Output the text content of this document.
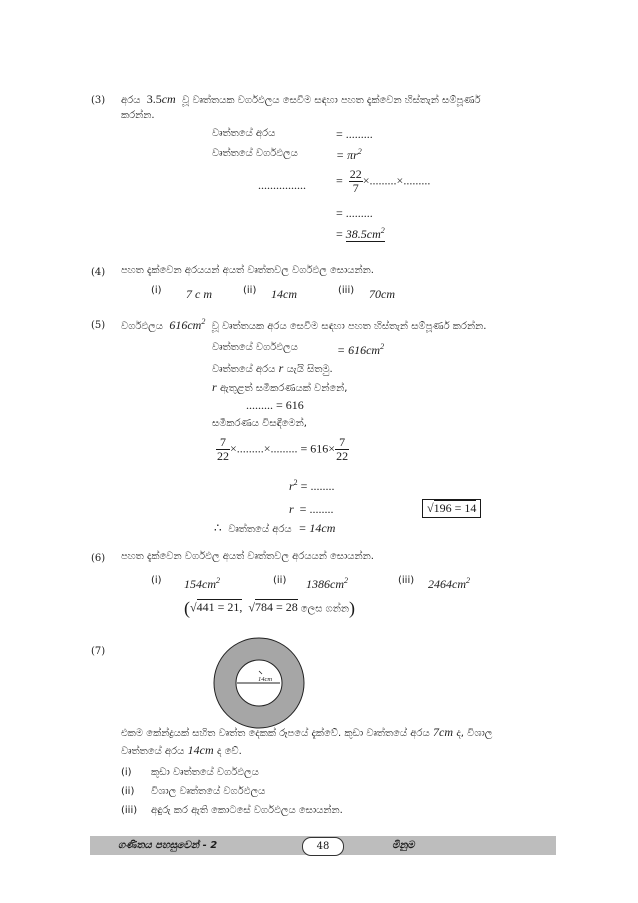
(3) අරය 3.5cm වූ වෘත්තයක වර්ගඵලය සෙවීම සඳහා පහත දැක්වෙන හිස්තැන් සම්පූර්ණ
කරන්න.
වෘත්තයේ අරය	= .........
වෘත්තයේ වර්ගඵලය	= $\pi r^2$
................	= $\frac{22}{7}$ ×.........×.........
= .........
= $38.5cm^2$
(4) පහත දැක්වෙන අරයයන් අයත් වෘත්තවල වර්ගඵල සොයන්න.
(i) 7 c m	(ii) 14cm	(iii) 70cm
(5) වර්ගඵලය $616cm^2$ වූ වෘත්තයක අරය සෙවීම සඳහා පහත හිස්තැන් සම්පූර්ණ කරන්න.
වෘත්තයේ වර්ගඵලය	= $616cm^2$
වෘත්තයේ අරය r යැයි සිතමු.
r ඇතුළත් සමීකරණයක් වන්නේ,
......... = 616
සමීකරණය විසඳීමෙන්,
$\frac{7}{22}$ ×.........×......... = $616\times \frac{7}{22}$
$r^2$ = ........
r = ........	√196 = 14
∴ වෘත්තයේ අරය = 14cm
(6) පහත දැක්වෙන වර්ගඵල අයත් වෘත්තවල අරයයන් සොයන්න.
(i) $154cm^2$	(ii) $1386cm^2$	(iii) $2464cm^2$
(√441 = 21,  √784 = 28 ලෙස ගන්න)
(7)
14cm
එකම කේන්ද්‍රයක් සහිත වෘත්ත දෙකක් රූපයේ දැක්වේ. කුඩා වෘත්තයේ අරය 7cm ද, විශාල
වෘත්තයේ අරය 14cm ද වේ.
(i) කුඩා වෘත්තයේ වර්ගඵලය
(ii) විශාල වෘත්තයේ වර්ගඵලය
(iii) අඳුරු කර ඇති කොටසේ වර්ගඵලය සොයන්න.
ගණිතය පහසුවෙන් - 2	48	මිනුම
